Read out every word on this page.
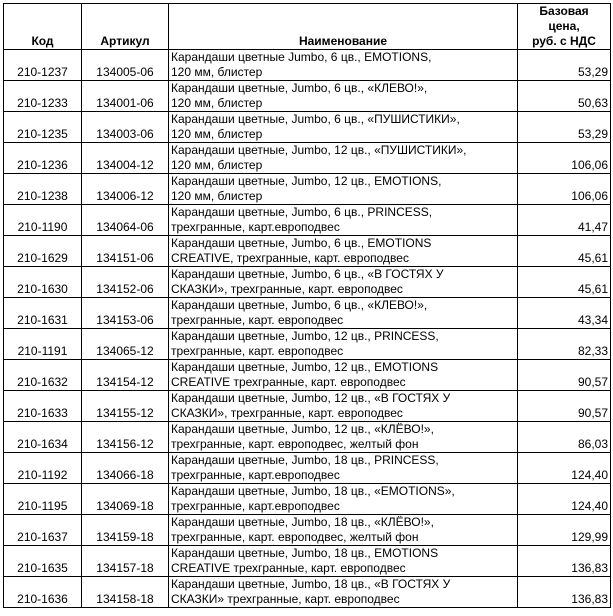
Код	Артикул	Наименование	Базовая
цена,
руб. с НДС
210-1237	134005-06	Карандаши цветные Jumbo, 6 цв., EMOTIONS,
120 мм, блистер	53,29
210-1233	134001-06	Карандаши цветные, Jumbo, 6 цв., «КЛЕВО!»,
120 мм, блистер	50,63
210-1235	134003-06	Карандаши цветные, Jumbo, 6 цв., «ПУШИСТИКИ»,
120 мм, блистер	53,29
210-1236	134004-12	Карандаши цветные, Jumbo, 12 цв., «ПУШИСТИКИ»,
120 мм, блистер	106,06
210-1238	134006-12	Карандаши цветные, Jumbo, 12 цв., EMOTIONS,
120 мм, блистер	106,06
210-1190	134064-06	Карандаши цветные, Jumbo, 6 цв., PRINCESS,
трехгранные, карт.европодвес	41,47
210-1629	134151-06	Карандаши цветные, Jumbo, 6 цв., EMOTIONS
CREATIVE, трехгранные, карт. европодвес	45,61
210-1630	134152-06	Карандаши цветные, Jumbo, 6 цв., «В ГОСТЯХ У
СКАЗКИ», трехгранные, карт. европодвес	45,61
210-1631	134153-06	Карандаши цветные, Jumbo, 6 цв., «КЛЕВО!»,
трехгранные, карт. европодвес	43,34
210-1191	134065-12	Карандаши цветные, Jumbo, 12 цв., PRINCESS,
трехгранные, карт. европодвес	82,33
210-1632	134154-12	Карандаши цветные, Jumbo, 12 цв., EMOTIONS
CREATIVE трехгранные, карт. европодвес	90,57
210-1633	134155-12	Карандаши цветные, Jumbo, 12 цв., «В ГОСТЯХ У
СКАЗКИ», трехгранные, карт. европодвес	90,57
210-1634	134156-12	Карандаши цветные, Jumbo, 12 цв., «КЛЁВО!»,
трехгранные, карт. европодвес, желтый фон	86,03
210-1192	134066-18	Карандаши цветные, Jumbo, 18 цв., PRINCESS,
трехгранные, карт.европодвес	124,40
210-1195	134069-18	Карандаши цветные, Jumbo, 18 цв., «EMOTIONS»,
трехгранные, карт.европодвес	124,40
210-1637	134159-18	Карандаши цветные, Jumbo, 18 цв., «КЛЁВО!»,
трехгранные, карт. европодвес, желтый фон	129,99
210-1635	134157-18	Карандаши цветные, Jumbo, 18 цв., EMOTIONS
CREATIVE трехгранные, карт. европодвес	136,83
210-1636	134158-18	Карандаши цветные, Jumbo, 18 цв., «В ГОСТЯХ У
СКАЗКИ» трехгранные, карт. европодвес	136,83
